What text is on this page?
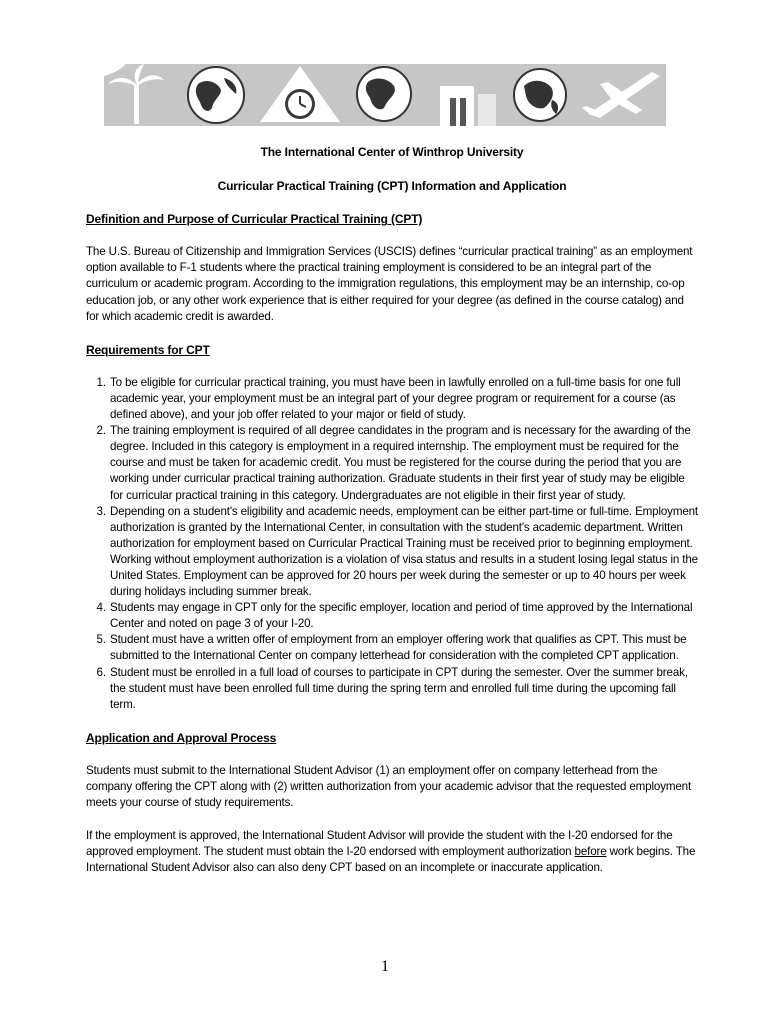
The International Center of Winthrop University
Curricular Practical Training (CPT) Information and Application
Definition and Purpose of Curricular Practical Training (CPT)

The U.S. Bureau of Citizenship and Immigration Services (USCIS) defines “curricular practical training” as an employment option available to F-1 students where the practical training employment is considered to be an integral part of the curriculum or academic program. According to the immigration regulations, this employment may be an internship, co-op education job, or any other work experience that is either required for your degree (as defined in the course catalog) and for which academic credit is awarded.

Requirements for CPT
1. To be eligible for curricular practical training, you must have been in lawfully enrolled on a full-time basis for one full academic year, your employment must be an integral part of your degree program or requirement for a course (as defined above), and your job offer related to your major or field of study.
2. The training employment is required of all degree candidates in the program and is necessary for the awarding of the degree. Included in this category is employment in a required internship. The employment must be required for the course and must be taken for academic credit. You must be registered for the course during the period that you are working under curricular practical training authorization. Graduate students in their first year of study may be eligible for curricular practical training in this category. Undergraduates are not eligible in their first year of study.
3. Depending on a student's eligibility and academic needs, employment can be either part-time or full-time. Employment authorization is granted by the International Center, in consultation with the student's academic department. Written authorization for employment based on Curricular Practical Training must be received prior to beginning employment. Working without employment authorization is a violation of visa status and results in a student losing legal status in the United States. Employment can be approved for 20 hours per week during the semester or up to 40 hours per week during holidays including summer break.
4. Students may engage in CPT only for the specific employer, location and period of time approved by the International Center and noted on page 3 of your I-20.
5. Student must have a written offer of employment from an employer offering work that qualifies as CPT. This must be submitted to the International Center on company letterhead for consideration with the completed CPT application.
6. Student must be enrolled in a full load of courses to participate in CPT during the semester. Over the summer break, the student must have been enrolled full time during the spring term and enrolled full time during the upcoming fall term.
Application and Approval Process

Students must submit to the International Student Advisor (1) an employment offer on company letterhead from the company offering the CPT along with (2) written authorization from your academic advisor that the requested employment meets your course of study requirements.

If the employment is approved, the International Student Advisor will provide the student with the I-20 endorsed for the approved employment. The student must obtain the I-20 endorsed with employment authorization before work begins. The International Student Advisor also can also deny CPT based on an incomplete or inaccurate application.

1
